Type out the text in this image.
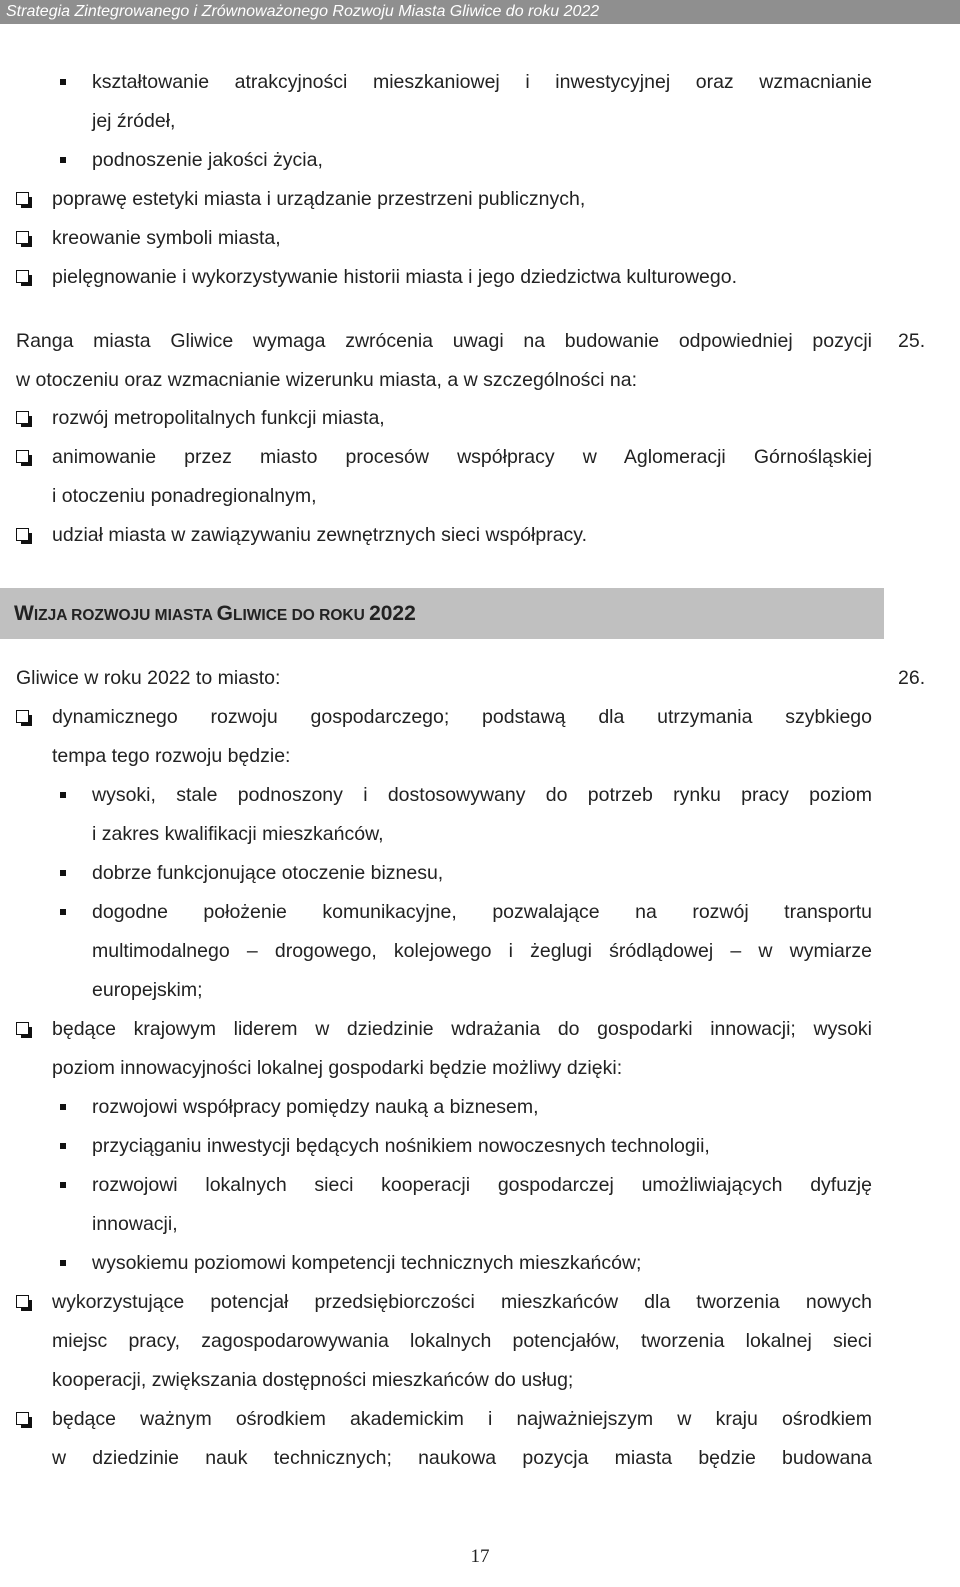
Strategia Zintegrowanego i Zrównoważonego Rozwoju Miasta Gliwice do roku 2022
kształtowanie atrakcyjności mieszkaniowej i inwestycyjnej oraz wzmacnianie
jej źródeł,
podnoszenie jakości życia,
poprawę estetyki miasta i urządzanie przestrzeni publicznych,
kreowanie symboli miasta,
pielęgnowanie i wykorzystywanie historii miasta i jego dziedzictwa kulturowego.
Ranga miasta Gliwice wymaga zwrócenia uwagi na budowanie odpowiedniej pozycji 25.
w otoczeniu oraz wzmacnianie wizerunku miasta, a w szczególności na:
rozwój metropolitalnych funkcji miasta,
animowanie przez miasto procesów współpracy w Aglomeracji Górnośląskiej
i otoczeniu ponadregionalnym,
udział miasta w zawiązywaniu zewnętrznych sieci współpracy.
WIZJA ROZWOJU MIASTA GLIWICE DO ROKU 2022
Gliwice w roku 2022 to miasto:	26.
dynamicznego rozwoju gospodarczego; podstawą dla utrzymania szybkiego
tempa tego rozwoju będzie:
wysoki, stale podnoszony i dostosowywany do potrzeb rynku pracy poziom
i zakres kwalifikacji mieszkańców,
dobrze funkcjonujące otoczenie biznesu,
dogodne położenie komunikacyjne, pozwalające na rozwój transportu
multimodalnego – drogowego, kolejowego i żeglugi śródlądowej – w wymiarze
europejskim;
będące krajowym liderem w dziedzinie wdrażania do gospodarki innowacji; wysoki
poziom innowacyjności lokalnej gospodarki będzie możliwy dzięki:
rozwojowi współpracy pomiędzy nauką a biznesem,
przyciąganiu inwestycji będących nośnikiem nowoczesnych technologii,
rozwojowi lokalnych sieci kooperacji gospodarczej umożliwiających dyfuzję
innowacji,
wysokiemu poziomowi kompetencji technicznych mieszkańców;
wykorzystujące potencjał przedsiębiorczości mieszkańców dla tworzenia nowych
miejsc pracy, zagospodarowywania lokalnych potencjałów, tworzenia lokalnej sieci
kooperacji, zwiększania dostępności mieszkańców do usług;
będące ważnym ośrodkiem akademickim i najważniejszym w kraju ośrodkiem
w dziedzinie nauk technicznych; naukowa pozycja miasta będzie budowana
17
